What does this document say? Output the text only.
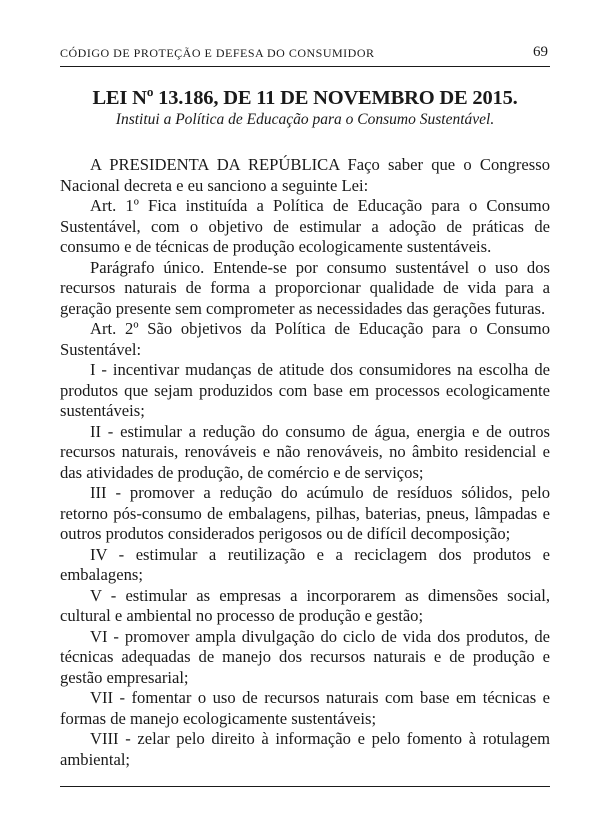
CÓDIGO DE PROTEÇÃO E DEFESA DO CONSUMIDOR	69
LEI Nº 13.186, DE 11 DE NOVEMBRO DE 2015.
Institui a Política de Educação para o Consumo Sustentável.

A PRESIDENTA DA REPÚBLICA Faço saber que o Congresso Nacional decreta e eu sanciono a seguinte Lei:

Art. 1º Fica instituída a Política de Educação para o Consumo Sustentável, com o objetivo de estimular a adoção de práticas de consumo e de técnicas de produção ecologicamente sustentáveis.

Parágrafo único. Entende-se por consumo sustentável o uso dos recursos naturais de forma a proporcionar qualidade de vida para a geração presente sem comprometer as necessidades das gerações futuras.

Art. 2º São objetivos da Política de Educação para o Consumo Sustentável:

I - incentivar mudanças de atitude dos consumidores na escolha de produtos que sejam produzidos com base em processos ecologicamente sustentáveis;

II - estimular a redução do consumo de água, energia e de outros recursos naturais, renováveis e não renováveis, no âmbito residencial e das atividades de produção, de comércio e de serviços;

III - promover a redução do acúmulo de resíduos sólidos, pelo retorno pós-consumo de embalagens, pilhas, baterias, pneus, lâmpadas e outros produtos considerados perigosos ou de difícil decomposição;

IV - estimular a reutilização e a reciclagem dos produtos e embalagens;

V - estimular as empresas a incorporarem as dimensões social, cultural e ambiental no processo de produção e gestão;

VI - promover ampla divulgação do ciclo de vida dos produtos, de técnicas adequadas de manejo dos recursos naturais e de produção e gestão empresarial;

VII - fomentar o uso de recursos naturais com base em técnicas e formas de manejo ecologicamente sustentáveis;

VIII - zelar pelo direito à informação e pelo fomento à rotulagem ambiental;
